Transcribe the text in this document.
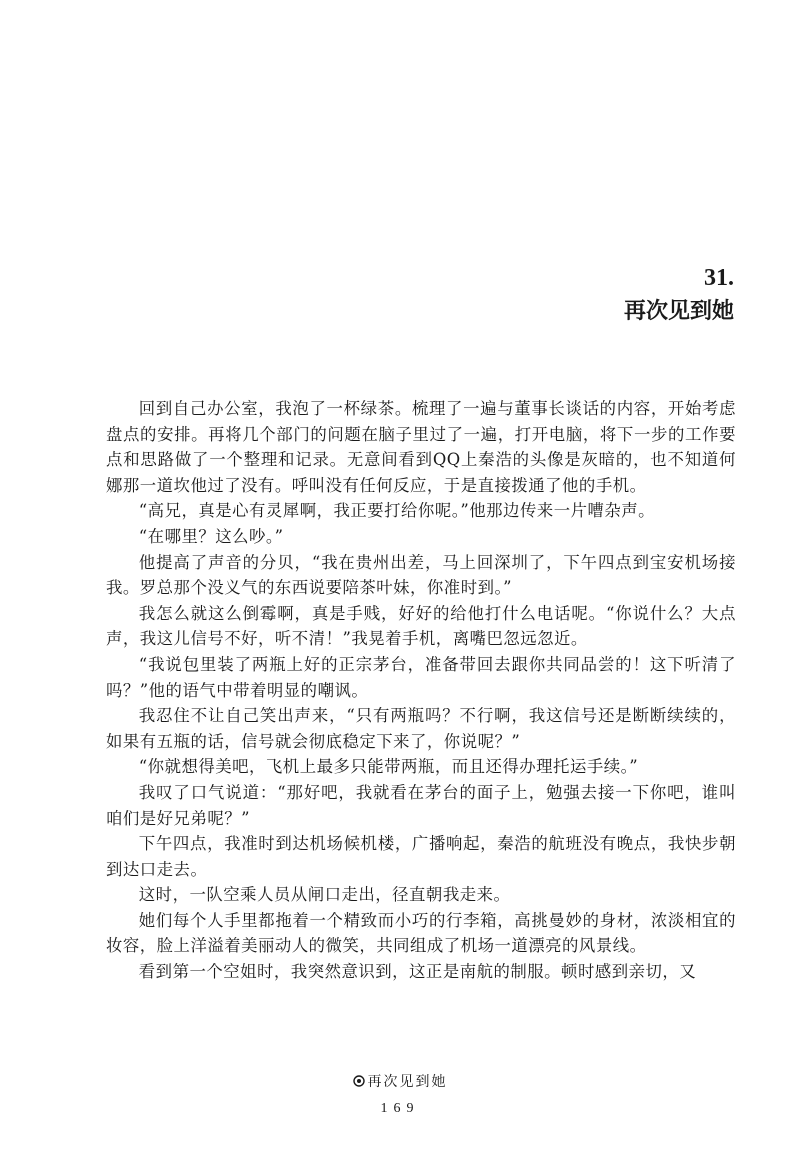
31.
再次见到她

回到自己办公室，我泡了一杯绿茶。梳理了一遍与董事长谈话的内容，开始考虑盘点的安排。再将几个部门的问题在脑子里过了一遍，打开电脑，将下一步的工作要点和思路做了一个整理和记录。无意间看到QQ上秦浩的头像是灰暗的，也不知道何娜那一道坎他过了没有。呼叫没有任何反应，于是直接拨通了他的手机。

“高兄，真是心有灵犀啊，我正要打给你呢。”他那边传来一片嘈杂声。

“在哪里？这么吵。”

他提高了声音的分贝，“我在贵州出差，马上回深圳了，下午四点到宝安机场接我。罗总那个没义气的东西说要陪茶叶妹，你准时到。”

我怎么就这么倒霉啊，真是手贱，好好的给他打什么电话呢。“你说什么？大点声，我这儿信号不好，听不清！”我晃着手机，离嘴巴忽远忽近。

“我说包里装了两瓶上好的正宗茅台，准备带回去跟你共同品尝的！这下听清了吗？”他的语气中带着明显的嘲讽。

我忍住不让自己笑出声来，“只有两瓶吗？不行啊，我这信号还是断断续续的，如果有五瓶的话，信号就会彻底稳定下来了，你说呢？”

“你就想得美吧，飞机上最多只能带两瓶，而且还得办理托运手续。”

我叹了口气说道：“那好吧，我就看在茅台的面子上，勉强去接一下你吧，谁叫咱们是好兄弟呢？”

下午四点，我准时到达机场候机楼，广播响起，秦浩的航班没有晚点，我快步朝到达口走去。

这时，一队空乘人员从闸口走出，径直朝我走来。

她们每个人手里都拖着一个精致而小巧的行李箱，高挑曼妙的身材，浓淡相宜的妆容，脸上洋溢着美丽动人的微笑，共同组成了机场一道漂亮的风景线。

看到第一个空姐时，我突然意识到，这正是南航的制服。顿时感到亲切，又

再次见到她
169
